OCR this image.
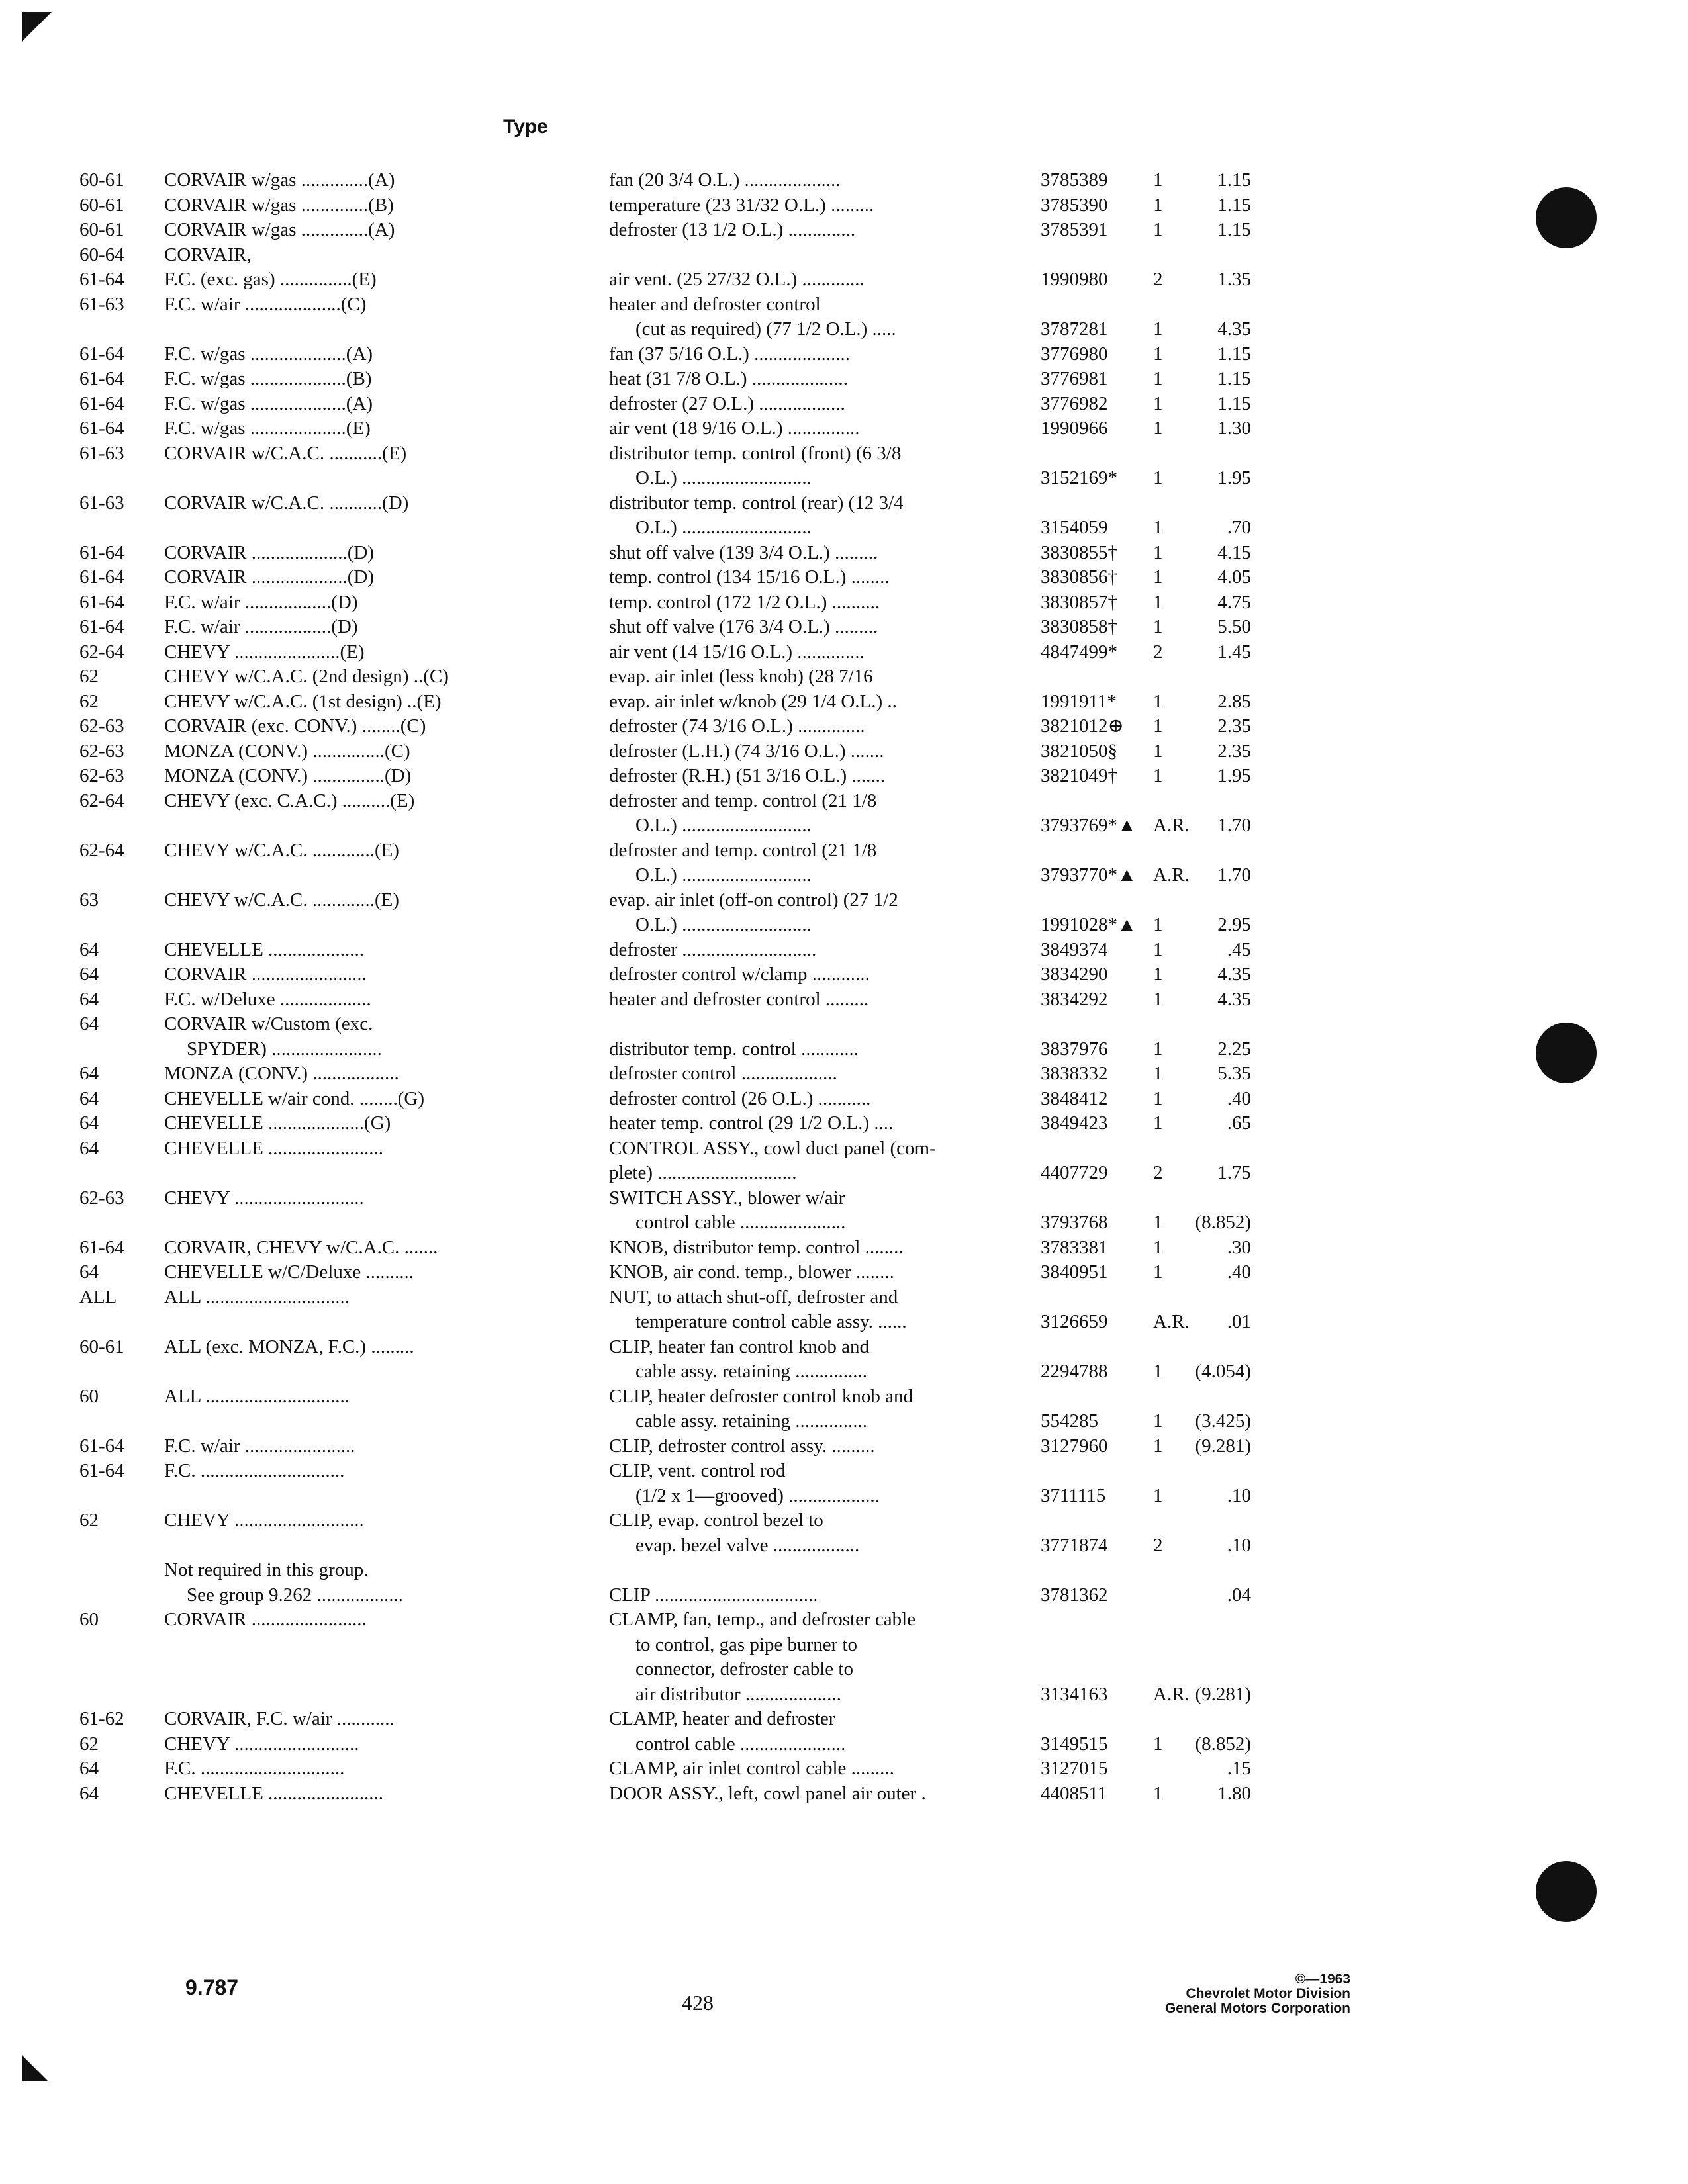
Type
60-61 CORVAIR w/gas ..............(A)	fan (20 3/4 O.L.) ....................	3785389 1	1.15
60-61 CORVAIR w/gas ..............(B)	temperature (23 31/32 O.L.) .........	3785390 1	1.15
60-61 CORVAIR w/gas ..............(A)	defroster (13 1/2 O.L.) ..............	3785391 1	1.15
60-64 CORVAIR,
61-64 F.C. (exc. gas) ...............(E)	air vent. (25 27/32 O.L.) .............	1990980 2	1.35
61-63 F.C. w/air ....................(C)	heater and defroster control
(cut as required) (77 1/2 O.L.) .....	3787281 1	4.35
61-64 F.C. w/gas ....................(A)	fan (37 5/16 O.L.) ....................	3776980 1	1.15
61-64 F.C. w/gas ....................(B)	heat (31 7/8 O.L.) ....................	3776981 1	1.15
61-64 F.C. w/gas ....................(A)	defroster (27 O.L.) ..................	3776982 1	1.15
61-64 F.C. w/gas ....................(E)	air vent (18 9/16 O.L.) ...............	1990966 1	1.30
61-63 CORVAIR w/C.A.C. ...........(E)	distributor temp. control (front) (6 3/8
O.L.) ...........................	3152169* 1	1.95
61-63 CORVAIR w/C.A.C. ...........(D)	distributor temp. control (rear) (12 3/4
O.L.) ...........................	3154059 1	.70
61-64 CORVAIR ....................(D)	shut off valve (139 3/4 O.L.) .........	3830855† 1	4.15
61-64 CORVAIR ....................(D)	temp. control (134 15/16 O.L.) ........	3830856† 1	4.05
61-64 F.C. w/air ..................(D)	temp. control (172 1/2 O.L.) ..........	3830857† 1	4.75
61-64 F.C. w/air ..................(D)	shut off valve (176 3/4 O.L.) .........	3830858† 1	5.50
62-64 CHEVY ......................(E)	air vent (14 15/16 O.L.) ..............	4847499* 2	1.45
62	CHEVY w/C.A.C. (2nd design) ..(C)	evap. air inlet (less knob) (28 7/16
62	CHEVY w/C.A.C. (1st design) ..(E)	evap. air inlet w/knob (29 1/4 O.L.) ..	1991911* 1	2.85
62-63 CORVAIR (exc. CONV.) ........(C)	defroster (74 3/16 O.L.) ..............	3821012⊕ 1	2.35
62-63 MONZA (CONV.) ...............(C)	defroster (L.H.) (74 3/16 O.L.) .......	3821050§ 1	2.35
62-63 MONZA (CONV.) ...............(D)	defroster (R.H.) (51 3/16 O.L.) .......	3821049† 1	1.95
62-64 CHEVY (exc. C.A.C.) ..........(E)	defroster and temp. control (21 1/8
O.L.) ...........................	3793769*▲ A.R.	1.70
62-64 CHEVY w/C.A.C. .............(E)	defroster and temp. control (21 1/8
O.L.) ...........................	3793770*▲ A.R.	1.70
63	CHEVY w/C.A.C. .............(E)	evap. air inlet (off-on control) (27 1/2
O.L.) ...........................	1991028*▲ 1	2.95
64	CHEVELLE ....................	defroster ............................	3849374 1	.45
64	CORVAIR ........................	defroster control w/clamp ............	3834290 1	4.35
64	F.C. w/Deluxe ...................	heater and defroster control .........	3834292 1	4.35
64	CORVAIR w/Custom (exc.
SPYDER) .......................	distributor temp. control ............	3837976 1	2.25
64	MONZA (CONV.) ..................	defroster control ....................	3838332 1	5.35
64	CHEVELLE w/air cond. ........(G)	defroster control (26 O.L.) ...........	3848412 1	.40
64	CHEVELLE ....................(G)	heater temp. control (29 1/2 O.L.) ....	3849423 1	.65
64	CHEVELLE ........................	CONTROL ASSY., cowl duct panel (com-
plete) .............................	4407729 2	1.75
62-63 CHEVY ...........................	SWITCH ASSY., blower w/air
control cable ......................	3793768 1	(8.852)
61-64 CORVAIR, CHEVY w/C.A.C. .......	KNOB, distributor temp. control ........	3783381 1	.30
64	CHEVELLE w/C/Deluxe ..........	KNOB, air cond. temp., blower ........	3840951 1	.40
ALL ALL ..............................	NUT, to attach shut-off, defroster and
temperature control cable assy. ......	3126659 A.R.	.01
60-61 ALL (exc. MONZA, F.C.) .........	CLIP, heater fan control knob and
cable assy. retaining ...............	2294788 1	(4.054)
60	ALL ..............................	CLIP, heater defroster control knob and
cable assy. retaining ...............	554285	1	(3.425)
61-64 F.C. w/air .......................	CLIP, defroster control assy. .........	3127960 1	(9.281)
61-64 F.C. ..............................	CLIP, vent. control rod
(1/2 x 1—grooved) ...................	3711115 1	.10
62	CHEVY ...........................	CLIP, evap. control bezel to
evap. bezel valve ..................	3771874 2	.10
Not required in this group.
See group 9.262 ..................	CLIP ..................................	3781362	.04
60	CORVAIR ........................	CLAMP, fan, temp., and defroster cable
to control, gas pipe burner to
connector, defroster cable to
air distributor ....................	3134163 A.R. (9.281)
61-62 CORVAIR, F.C. w/air ............	CLAMP, heater and defroster
62	CHEVY ..........................	control cable ......................	3149515 1	(8.852)
64	F.C. ..............................	CLAMP, air inlet control cable .........	3127015	.15
64	CHEVELLE ........................	DOOR ASSY., left, cowl panel air outer .	4408511 1	1.80
9.787
428
©—1963
Chevrolet Motor Division
General Motors Corporation
